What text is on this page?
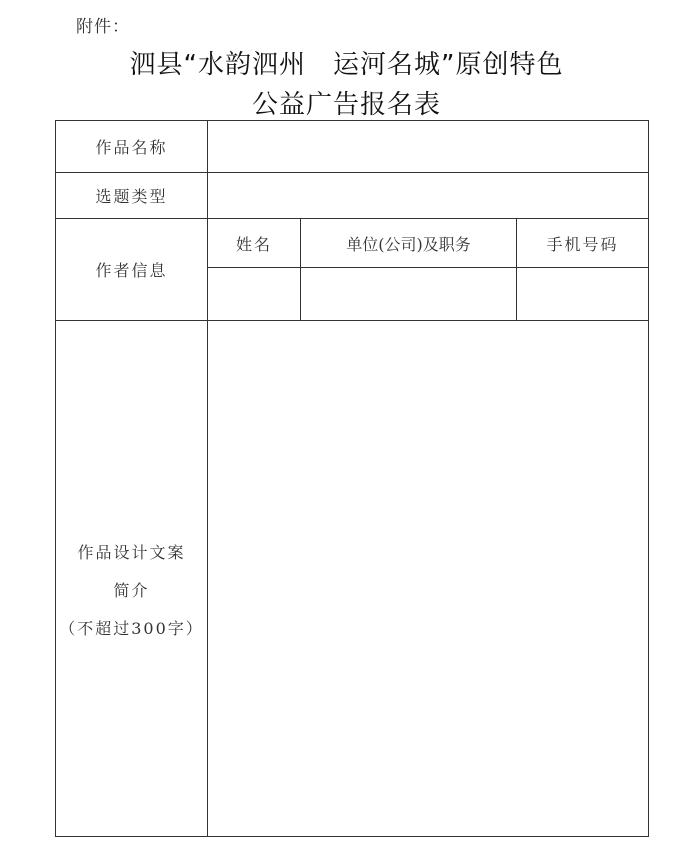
附件：
泗县“水韵泗州　运河名城”原创特色
公益广告报名表
作品名称			
选题类型			
作者信息	姓名	单位(公司)及职务	手机号码

作品设计文案
简介
（不超过300字）			
